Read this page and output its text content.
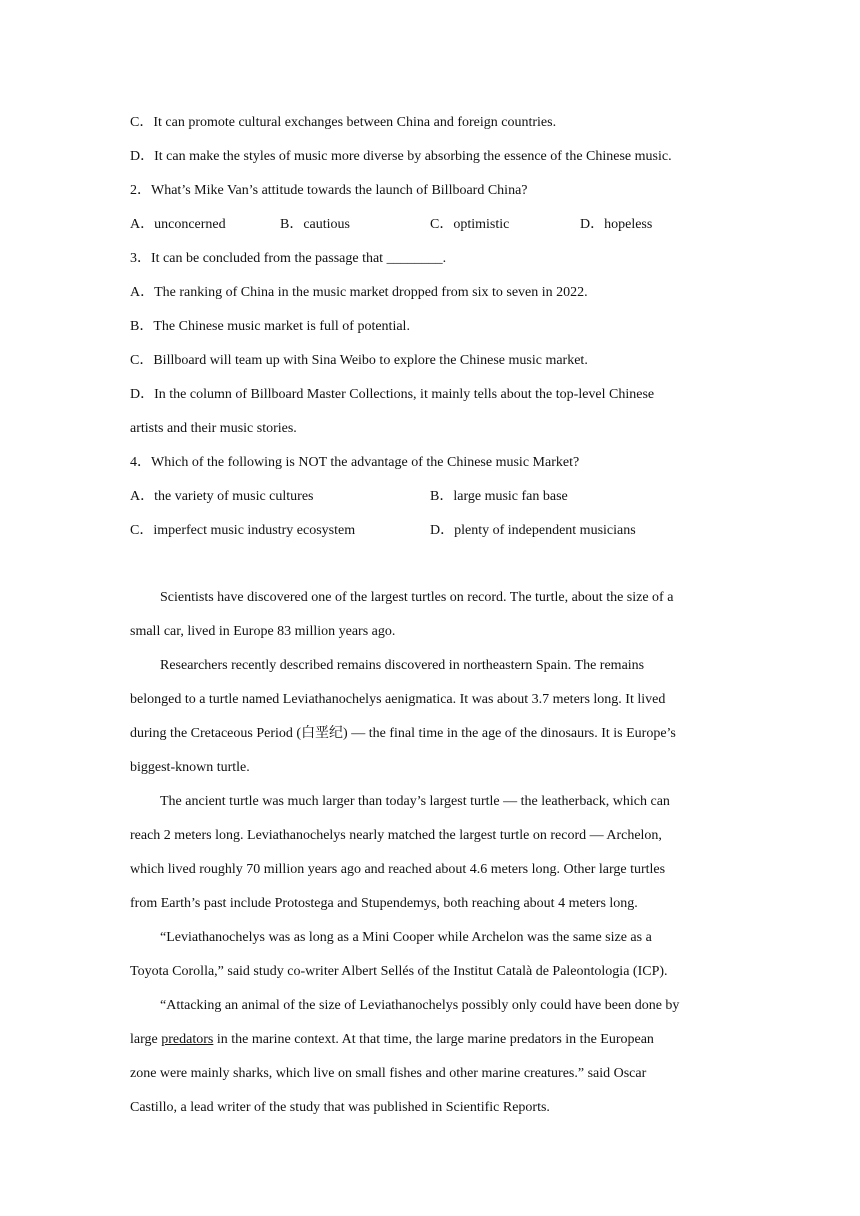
C．It can promote cultural exchanges between China and foreign countries.
D．It can make the styles of music more diverse by absorbing the essence of the Chinese music.
2．What’s Mike Van’s attitude towards the launch of Billboard China?
A．unconcerned	B．cautious	C．optimistic	D．hopeless
3．It can be concluded from the passage that ________.
A．The ranking of China in the music market dropped from six to seven in 2022.
B．The Chinese music market is full of potential.
C．Billboard will team up with Sina Weibo to explore the Chinese music market.
D．In the column of Billboard Master Collections, it mainly tells about the top-level Chinese
artists and their music stories.
4．Which of the following is NOT the advantage of the Chinese music Market?
A．the variety of music cultures	B．large music fan base
C．imperfect music industry ecosystem	D．plenty of independent musicians
Scientists have discovered one of the largest turtles on record. The turtle, about the size of a
small car, lived in Europe 83 million years ago.
Researchers recently described remains discovered in northeastern Spain. The remains
belonged to a turtle named Leviathanochelys aenigmatica. It was about 3.7 meters long. It lived
during the Cretaceous Period (白垩纪) — the final time in the age of the dinosaurs. It is Europe’s
biggest-known turtle.
The ancient turtle was much larger than today’s largest turtle — the leatherback, which can
reach 2 meters long. Leviathanochelys nearly matched the largest turtle on record — Archelon,
which lived roughly 70 million years ago and reached about 4.6 meters long. Other large turtles
from Earth’s past include Protostega and Stupendemys, both reaching about 4 meters long.
“Leviathanochelys was as long as a Mini Cooper while Archelon was the same size as a
Toyota Corolla,” said study co-writer Albert Sellés of the Institut Català de Paleontologia (ICP).
“Attacking an animal of the size of Leviathanochelys possibly only could have been done by
large predators in the marine context. At that time, the large marine predators in the European
zone were mainly sharks, which live on small fishes and other marine creatures.” said Oscar
Castillo, a lead writer of the study that was published in Scientific Reports.
